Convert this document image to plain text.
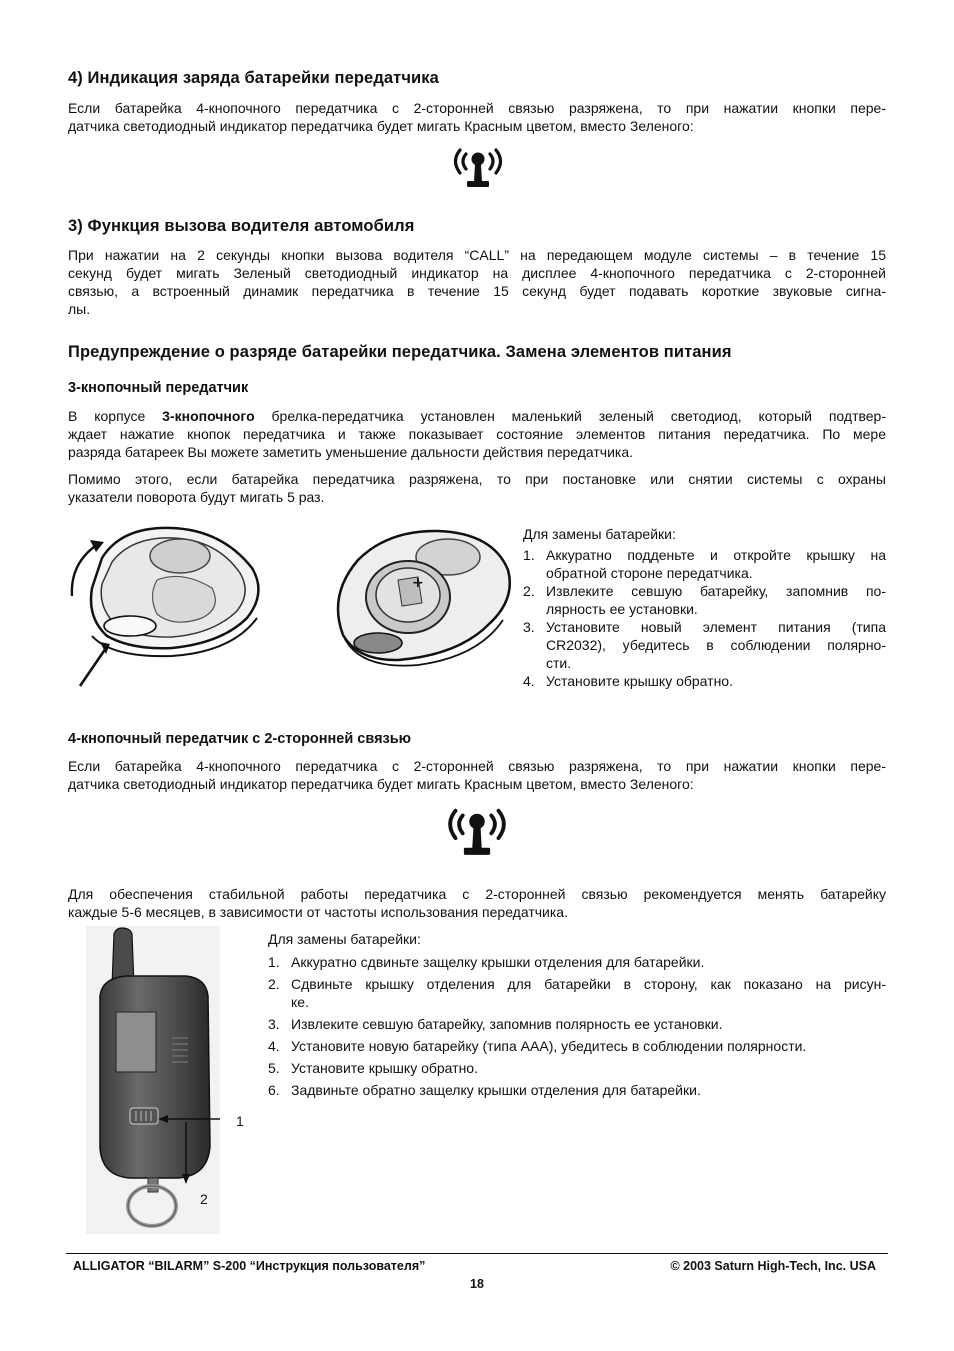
4) Индикация заряда батарейки передатчика
Если батарейка 4-кнопочного передатчика с 2-сторонней связью разряжена, то при нажатии кнопки пере-
датчика светодиодный индикатор передатчика будет мигать Красным цветом, вместо Зеленого:
3) Функция вызова водителя автомобиля
При нажатии на 2 секунды кнопки вызова водителя “CALL” на передающем модуле системы – в течение 15
секунд будет мигать Зеленый светодиодный индикатор на дисплее 4-кнопочного передатчика с 2-сторонней
связью, а встроенный динамик передатчика в течение 15 секунд будет подавать короткие звуковые сигна-
лы.
Предупреждение о разряде батарейки передатчика. Замена элементов питания
3-кнопочный передатчик
В корпусе 3-кнопочного брелка-передатчика установлен маленький зеленый светодиод, который подтвер-
ждает нажатие кнопок передатчика и также показывает состояние элементов питания передатчика. По мере
разряда батареек Вы можете заметить уменьшение дальности действия передатчика.
Помимо этого, если батарейка передатчика разряжена, то при постановке или снятии системы с охраны
указатели поворота будут мигать 5 раз.
+

Для замены батарейки:

1. Аккуратно подденьте и откройте крышку на
обратной стороне передатчика.
2. Извлеките севшую батарейку, запомнив по-
лярность ее установки.
3. Установите новый элемент питания (типа
CR2032), убедитесь в соблюдении полярно-
сти.
4. Установите крышку обратно.
4-кнопочный передатчик с 2-сторонней связью
Если батарейка 4-кнопочного передатчика с 2-сторонней связью разряжена, то при нажатии кнопки пере-
датчика светодиодный индикатор передатчика будет мигать Красным цветом, вместо Зеленого:
Для обеспечения стабильной работы передатчика с 2-сторонней связью рекомендуется менять батарейку
каждые 5-6 месяцев, в зависимости от частоты использования передатчика.
1
2

Для замены батарейки:

1. Аккуратно сдвиньте защелку крышки отделения для батарейки.
2. Сдвиньте крышку отделения для батарейки в сторону, как показано на рисун-
ке.
3. Извлеките севшую батарейку, запомнив полярность ее установки.
4. Установите новую батарейку (типа AAA), убедитесь в соблюдении полярности.
5. Установите крышку обратно.
6. Задвиньте обратно защелку крышки отделения для батарейки.
ALLIGATOR “BILARM” S-200 “Инструкция пользователя”	© 2003 Saturn High-Tech, Inc. USA
18
